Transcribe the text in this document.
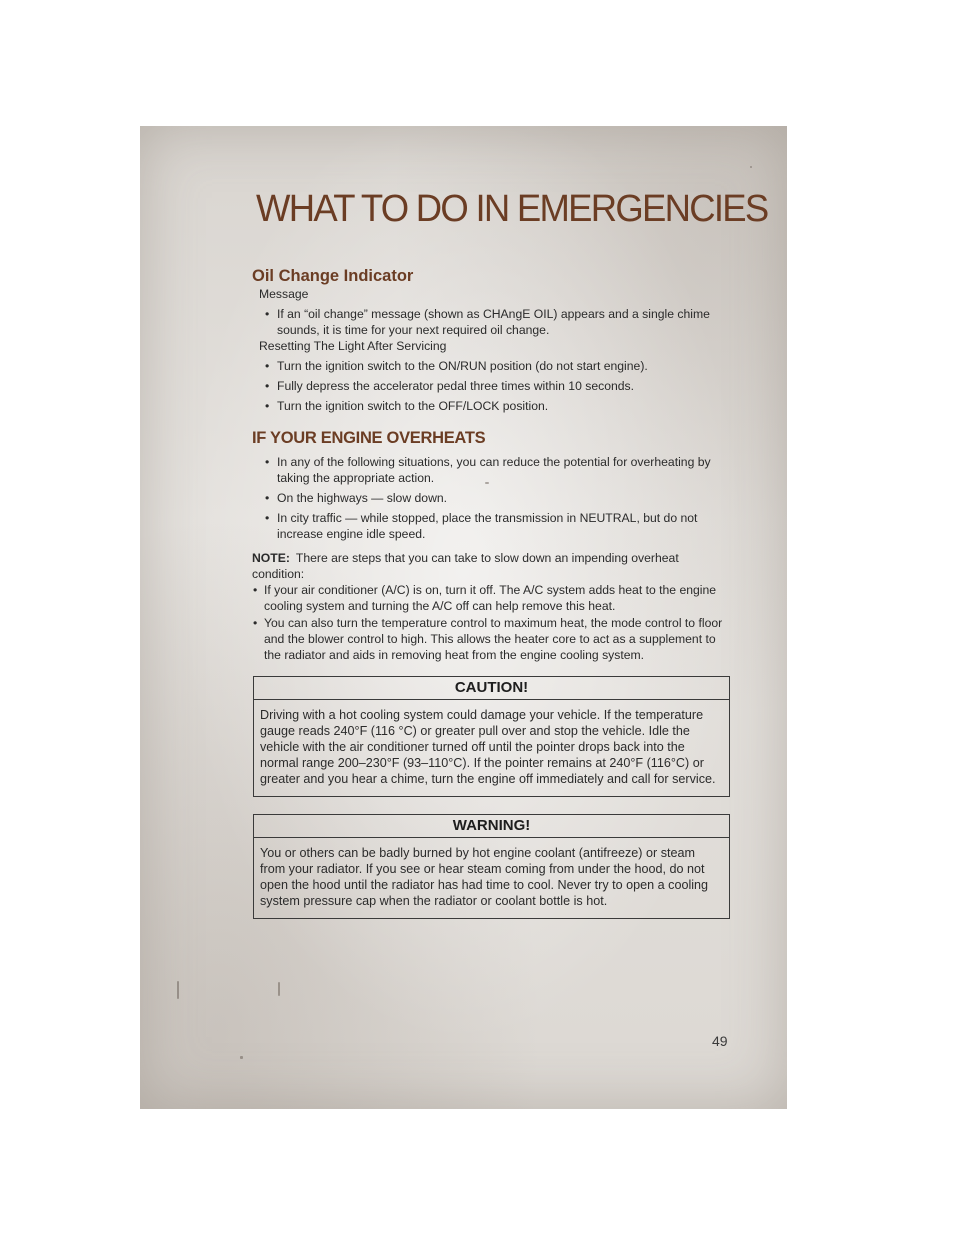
WHAT TO DO IN EMERGENCIES
Oil Change Indicator

Message

• If an “oil change” message (shown as CHAngE OIL) appears and a single chime sounds, it is time for your next required oil change.

Resetting The Light After Servicing

• Turn the ignition switch to the ON/RUN position (do not start engine).
• Fully depress the accelerator pedal three times within 10 seconds.
• Turn the ignition switch to the OFF/LOCK position.
IF YOUR ENGINE OVERHEATS
• In any of the following situations, you can reduce the potential for overheating by taking the appropriate action.
• On the highways — slow down.
• In city traffic — while stopped, place the transmission in NEUTRAL, but do not increase engine idle speed.

NOTE: There are steps that you can take to slow down an impending overheat condition:

• If your air conditioner (A/C) is on, turn it off. The A/C system adds heat to the engine cooling system and turning the A/C off can help remove this heat.
• You can also turn the temperature control to maximum heat, the mode control to floor and the blower control to high. This allows the heater core to act as a supplement to the radiator and aids in removing heat from the engine cooling system.
CAUTION!
Driving with a hot cooling system could damage your vehicle. If the temperature gauge reads 240°F (116 °C) or greater pull over and stop the vehicle. Idle the vehicle with the air conditioner turned off until the pointer drops back into the normal range 200–230°F (93–110°C). If the pointer remains at 240°F (116°C) or greater and you hear a chime, turn the engine off immediately and call for service.
WARNING!
You or others can be badly burned by hot engine coolant (antifreeze) or steam from your radiator. If you see or hear steam coming from under the hood, do not open the hood until the radiator has had time to cool. Never try to open a cooling system pressure cap when the radiator or coolant bottle is hot.
49
